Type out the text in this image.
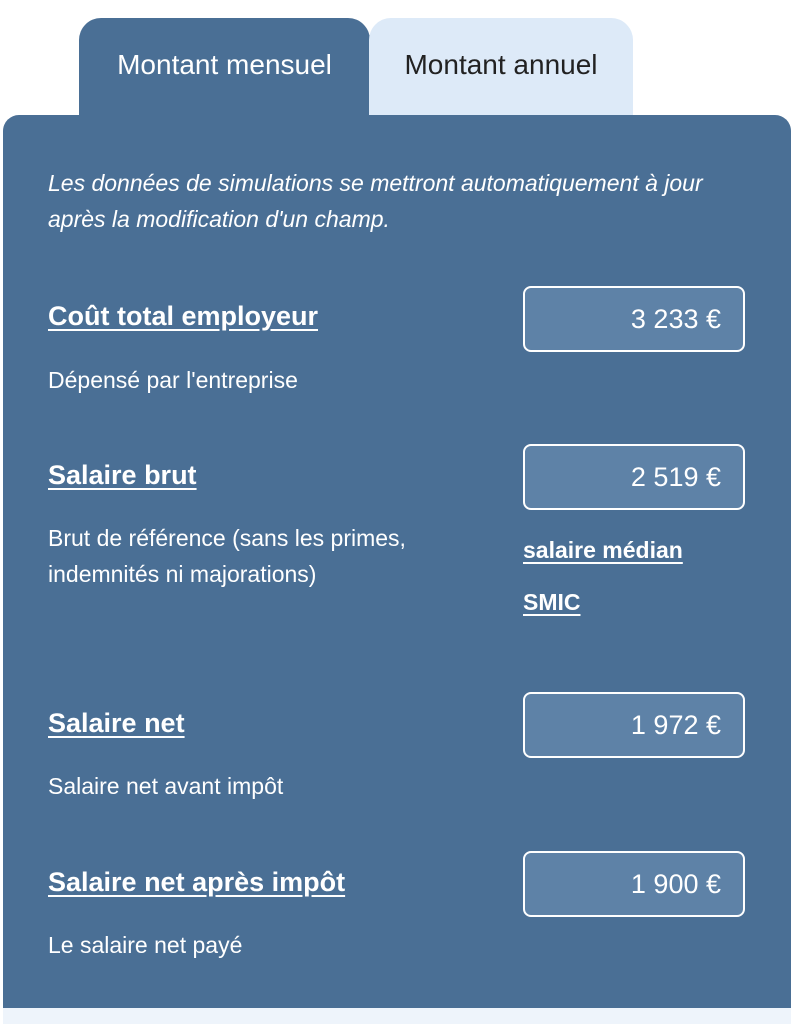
Montant mensuel	Montant annuel
Les données de simulations se mettront automatiquement à jour après la modification d'un champ.
Coût total employeur
3 233 €
Dépensé par l'entreprise
Salaire brut
2 519 €
Brut de référence (sans les primes, indemnités ni majorations)
salaire médian
SMIC
Salaire net
1 972 €
Salaire net avant impôt
Salaire net après impôt
1 900 €
Le salaire net payé
